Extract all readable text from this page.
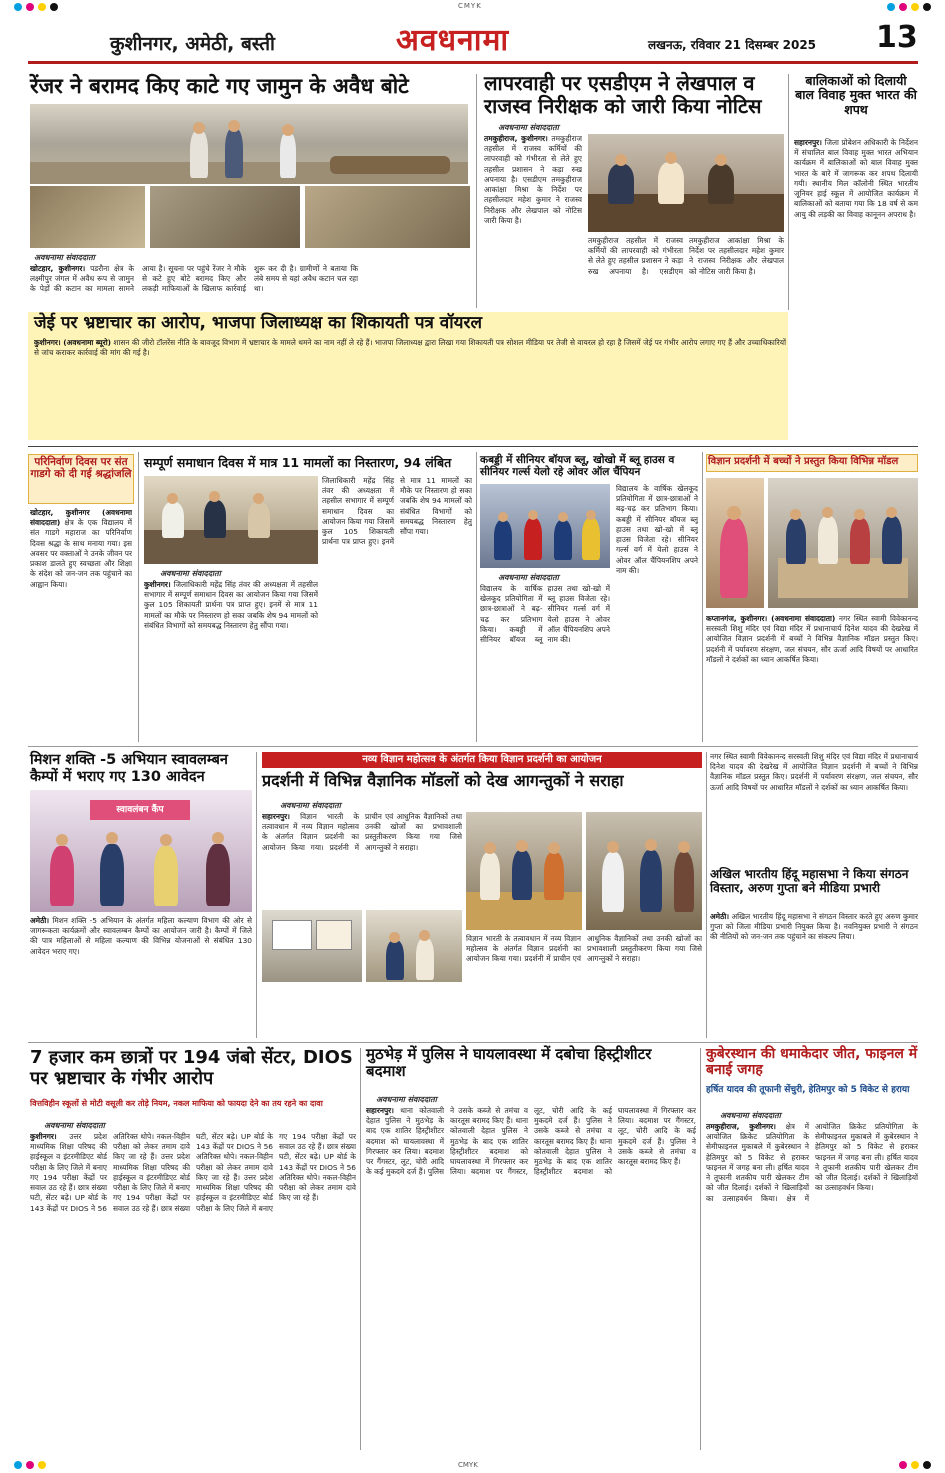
CMYK
कुशीनगर, अमेठी, बस्ती	अवधनामा	लखनऊ, रविवार 21 दिसम्बर 2025 13
रेंजर ने बरामद किए काटे गए जामुन के अवैध बोटे
अवधनामा संवाददाता
खोटहार, कुशीनगर। पडरौना क्षेत्र के लक्ष्मीपुर जंगल में अवैध रूप से जामुन के पेड़ों की कटान का मामला सामने आया है। सूचना पर पहुंचे रेंजर ने मौके से कटे हुए बोटे बरामद किए और लकड़ी माफियाओं के खिलाफ कार्रवाई शुरू कर दी है। ग्रामीणों ने बताया कि लंबे समय से यहां अवैध कटान चल रहा था।
लापरवाही पर एसडीएम ने लेखपाल व राजस्व निरीक्षक को जारी किया नोटिस
अवधनामा संवाददाता
तमकुहीराज, कुशीनगर। तमकुहीराज तहसील में राजस्व कर्मियों की लापरवाही को गंभीरता से लेते हुए तहसील प्रशासन ने कड़ा रुख अपनाया है। एसडीएम तमकुहीराज आकांक्षा मिश्रा के निर्देश पर तहसीलदार महेश कुमार ने राजस्व निरीक्षक और लेखपाल को नोटिस जारी किया है।
तमकुहीराज तहसील में राजस्व कर्मियों की लापरवाही को गंभीरता से लेते हुए तहसील प्रशासन ने कड़ा रुख अपनाया है। एसडीएम तमकुहीराज आकांक्षा मिश्रा के निर्देश पर तहसीलदार महेश कुमार ने राजस्व निरीक्षक और लेखपाल को नोटिस जारी किया है।
बालिकाओं को दिलायी बाल विवाह मुक्त भारत की शपथ
सहारनपुर। जिला प्रोबेशन अधिकारी के निर्देशन में संचालित बाल विवाह मुक्त भारत अभियान कार्यक्रम में बालिकाओं को बाल विवाह मुक्त भारत के बारे में जागरूक कर शपथ दिलायी गयी। स्थानीय मिल कॉलोनी स्थित भारतीय जूनियर हाई स्कूल में आयोजित कार्यक्रम में बालिकाओं को बताया गया कि 18 वर्ष से कम आयु की लड़की का विवाह कानूनन अपराध है।
जेई पर भ्रष्टाचार का आरोप, भाजपा जिलाध्यक्ष का शिकायती पत्र वॉयरल
कुशीनगर। (अवधनामा ब्यूरो) शासन की जीरो टॉलरेंस नीति के बावजूद विभाग में भ्रष्टाचार के मामले थमने का नाम नहीं ले रहे हैं। भाजपा जिलाध्यक्ष द्वारा लिखा गया शिकायती पत्र सोशल मीडिया पर तेजी से वायरल हो रहा है जिसमें जेई पर गंभीर आरोप लगाए गए हैं और उच्चाधिकारियों से जांच कराकर कार्रवाई की मांग की गई है।
परिनिर्वाण दिवस पर संत गाडगे को दी गई श्रद्धांजलि
खोटहार, कुशीनगर (अवधनामा संवाददाता) क्षेत्र के एक विद्यालय में संत गाडगे महाराज का परिनिर्वाण दिवस श्रद्धा के साथ मनाया गया। इस अवसर पर वक्ताओं ने उनके जीवन पर प्रकाश डालते हुए स्वच्छता और शिक्षा के संदेश को जन-जन तक पहुंचाने का आह्वान किया।
सम्पूर्ण समाधान दिवस में मात्र 11 मामलों का निस्तारण, 94 लंबित
अवधनामा संवाददाता
कुशीनगर। जिलाधिकारी महेंद्र सिंह तंवर की अध्यक्षता में तहसील सभागार में सम्पूर्ण समाधान दिवस का आयोजन किया गया जिसमें कुल 105 शिकायती प्रार्थना पत्र प्राप्त हुए। इनमें से मात्र 11 मामलों का मौके पर निस्तारण हो सका जबकि शेष 94 मामलों को संबंधित विभागों को समयबद्ध निस्तारण हेतु सौंपा गया।
जिलाधिकारी महेंद्र सिंह तंवर की अध्यक्षता में तहसील सभागार में सम्पूर्ण समाधान दिवस का आयोजन किया गया जिसमें कुल 105 शिकायती प्रार्थना पत्र प्राप्त हुए। इनमें से मात्र 11 मामलों का मौके पर निस्तारण हो सका जबकि शेष 94 मामलों को संबंधित विभागों को समयबद्ध निस्तारण हेतु सौंपा गया।
कबड्डी में सीनियर बॉयज ब्लू, खोखो में ब्लू हाउस व सीनियर गर्ल्स येलो रहे ओवर ऑल चैंपियन
अवधनामा संवाददाता
विद्यालय के वार्षिक खेलकूद प्रतियोगिता में छात्र-छात्राओं ने बढ़-चढ़ कर प्रतिभाग किया। कबड्डी में सीनियर बॉयज ब्लू हाउस तथा खो-खो में ब्लू हाउस विजेता रहे। सीनियर गर्ल्स वर्ग में येलो हाउस ने ओवर ऑल चैंपियनशिप अपने नाम की।
विद्यालय के वार्षिक खेलकूद प्रतियोगिता में छात्र-छात्राओं ने बढ़-चढ़ कर प्रतिभाग किया। कबड्डी में सीनियर बॉयज ब्लू हाउस तथा खो-खो में ब्लू हाउस विजेता रहे। सीनियर गर्ल्स वर्ग में येलो हाउस ने ओवर ऑल चैंपियनशिप अपने नाम की।
विज्ञान प्रदर्शनी में बच्चों ने प्रस्तुत किया विभिन्न मॉडल
कप्तानगंज, कुशीनगर। (अवधनामा संवाददाता) नगर स्थित स्वामी विवेकानन्द सरस्वती शिशु मंदिर एवं विद्या मंदिर में प्रधानाचार्य दिनेश यादव की देखरेख में आयोजित विज्ञान प्रदर्शनी में बच्चों ने विभिन्न वैज्ञानिक मॉडल प्रस्तुत किए। प्रदर्शनी में पर्यावरण संरक्षण, जल संचयन, सौर ऊर्जा आदि विषयों पर आधारित मॉडलों ने दर्शकों का ध्यान आकर्षित किया।
मिशन शक्ति -5 अभियान स्वावलम्बन कैम्पों में भराए गए 130 आवेदन
स्वावलंबन कैंप
अमेठी। मिशन शक्ति -5 अभियान के अंतर्गत महिला कल्याण विभाग की ओर से जागरूकता कार्यक्रमों और स्वावलम्बन कैम्पों का आयोजन जारी है। कैम्पों में जिले की पात्र महिलाओं से महिला कल्याण की विभिन्न योजनाओं से संबंधित 130 आवेदन भराए गए।
नव्य विज्ञान महोत्सव के अंतर्गत किया विज्ञान प्रदर्शनी का आयोजन
प्रदर्शनी में विभिन्न वैज्ञानिक मॉडलों को देख आगन्तुकों ने सराहा
अवधनामा संवाददाता
सहारनपुर। विज्ञान भारती के तत्वावधान में नव्य विज्ञान महोत्सव के अंतर्गत विज्ञान प्रदर्शनी का आयोजन किया गया। प्रदर्शनी में प्राचीन एवं आधुनिक वैज्ञानिकों तथा उनकी खोजों का प्रभावशाली प्रस्तुतीकरण किया गया जिसे आगन्तुकों ने सराहा।
विज्ञान भारती के तत्वावधान में नव्य विज्ञान महोत्सव के अंतर्गत विज्ञान प्रदर्शनी का आयोजन किया गया। प्रदर्शनी में प्राचीन एवं आधुनिक वैज्ञानिकों तथा उनकी खोजों का प्रभावशाली प्रस्तुतीकरण किया गया जिसे आगन्तुकों ने सराहा।
नगर स्थित स्वामी विवेकानन्द सरस्वती शिशु मंदिर एवं विद्या मंदिर में प्रधानाचार्य दिनेश यादव की देखरेख में आयोजित विज्ञान प्रदर्शनी में बच्चों ने विभिन्न वैज्ञानिक मॉडल प्रस्तुत किए। प्रदर्शनी में पर्यावरण संरक्षण, जल संचयन, सौर ऊर्जा आदि विषयों पर आधारित मॉडलों ने दर्शकों का ध्यान आकर्षित किया।
अखिल भारतीय हिंदू महासभा ने किया संगठन विस्तार, अरुण गुप्ता बने मीडिया प्रभारी
अमेठी। अखिल भारतीय हिंदू महासभा ने संगठन विस्तार करते हुए अरुण कुमार गुप्ता को जिला मीडिया प्रभारी नियुक्त किया है। नवनियुक्त प्रभारी ने संगठन की नीतियों को जन-जन तक पहुंचाने का संकल्प लिया।
7 हजार कम छात्रों पर 194 जंबो सेंटर, DIOS पर भ्रष्टाचार के गंभीर आरोप
वित्तविहीन स्कूलों से मोटी वसूली कर तोड़े नियम, नकल माफिया को फायदा देने का तय रहने का दावा
अवधनामा संवाददाता
कुशीनगर। उत्तर प्रदेश माध्यमिक शिक्षा परिषद की हाईस्कूल व इंटरमीडिएट बोर्ड परीक्षा के लिए जिले में बनाए गए 194 परीक्षा केंद्रों पर सवाल उठ रहे हैं। छात्र संख्या घटी, सेंटर बढ़े। UP बोर्ड के 143 केंद्रों पर DIOS ने 56 अतिरिक्त थोपे। नकल-विहीन परीक्षा को लेकर तमाम दावे किए जा रहे हैं। उत्तर प्रदेश माध्यमिक शिक्षा परिषद की हाईस्कूल व इंटरमीडिएट बोर्ड परीक्षा के लिए जिले में बनाए गए 194 परीक्षा केंद्रों पर सवाल उठ रहे हैं। छात्र संख्या घटी, सेंटर बढ़े। UP बोर्ड के 143 केंद्रों पर DIOS ने 56 अतिरिक्त थोपे। नकल-विहीन परीक्षा को लेकर तमाम दावे किए जा रहे हैं। उत्तर प्रदेश माध्यमिक शिक्षा परिषद की हाईस्कूल व इंटरमीडिएट बोर्ड परीक्षा के लिए जिले में बनाए गए 194 परीक्षा केंद्रों पर सवाल उठ रहे हैं। छात्र संख्या घटी, सेंटर बढ़े। UP बोर्ड के 143 केंद्रों पर DIOS ने 56 अतिरिक्त थोपे। नकल-विहीन परीक्षा को लेकर तमाम दावे किए जा रहे हैं।
मुठभेड़ में पुलिस ने घायलावस्था में दबोचा हिस्ट्रीशीटर बदमाश
अवधनामा संवाददाता
सहारनपुर। थाना कोतवाली देहात पुलिस ने मुठभेड़ के बाद एक शातिर हिस्ट्रीशीटर बदमाश को घायलावस्था में गिरफ्तार कर लिया। बदमाश पर गैंगस्टर, लूट, चोरी आदि के कई मुकदमे दर्ज हैं। पुलिस ने उसके कब्जे से तमंचा व कारतूस बरामद किए हैं। थाना कोतवाली देहात पुलिस ने मुठभेड़ के बाद एक शातिर हिस्ट्रीशीटर बदमाश को घायलावस्था में गिरफ्तार कर लिया। बदमाश पर गैंगस्टर, लूट, चोरी आदि के कई मुकदमे दर्ज हैं। पुलिस ने उसके कब्जे से तमंचा व कारतूस बरामद किए हैं। थाना कोतवाली देहात पुलिस ने मुठभेड़ के बाद एक शातिर हिस्ट्रीशीटर बदमाश को घायलावस्था में गिरफ्तार कर लिया। बदमाश पर गैंगस्टर, लूट, चोरी आदि के कई मुकदमे दर्ज हैं। पुलिस ने उसके कब्जे से तमंचा व कारतूस बरामद किए हैं।
कुबेरस्थान की धमाकेदार जीत, फाइनल में बनाई जगह
हर्षित यादव की तूफानी सेंचुरी, हेतिमपुर को 5 विकेट से हराया
अवधनामा संवाददाता
तमकुहीराज, कुशीनगर। क्षेत्र में आयोजित क्रिकेट प्रतियोगिता के सेमीफाइनल मुकाबले में कुबेरस्थान ने हेतिमपुर को 5 विकेट से हराकर फाइनल में जगह बना ली। हर्षित यादव ने तूफानी शतकीय पारी खेलकर टीम को जीत दिलाई। दर्शकों ने खिलाड़ियों का उत्साहवर्धन किया। क्षेत्र में आयोजित क्रिकेट प्रतियोगिता के सेमीफाइनल मुकाबले में कुबेरस्थान ने हेतिमपुर को 5 विकेट से हराकर फाइनल में जगह बना ली। हर्षित यादव ने तूफानी शतकीय पारी खेलकर टीम को जीत दिलाई। दर्शकों ने खिलाड़ियों का उत्साहवर्धन किया।
CMYK
